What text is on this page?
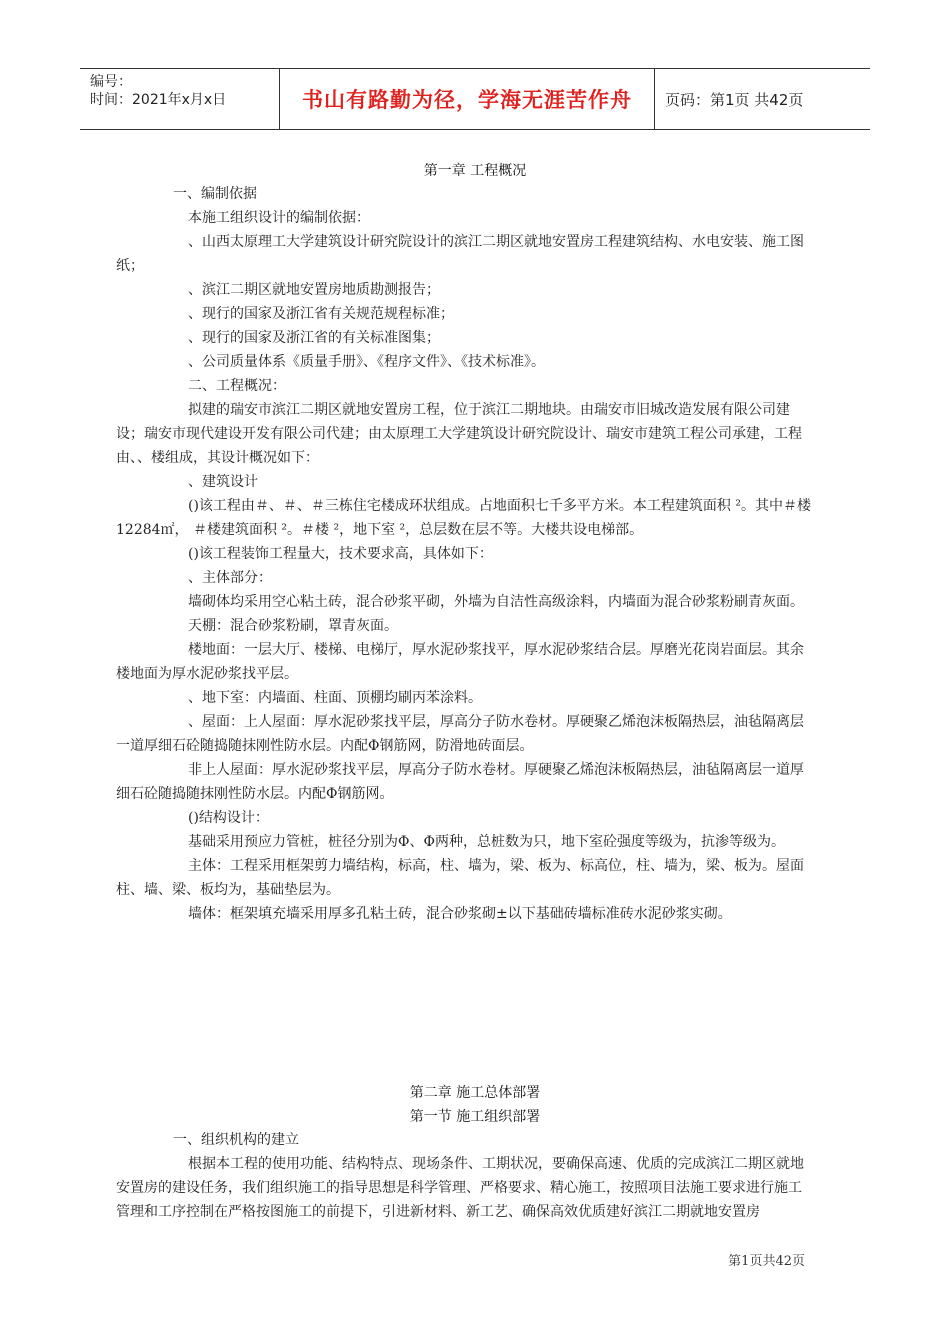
编号：
时间：2021年x月x日	书山有路勤为径，学海无涯苦作舟	页码：第1页 共42页
第一章 工程概况

一、编制依据

本施工组织设计的编制依据：

、山西太原理工大学建筑设计研究院设计的滨江二期区就地安置房工程建筑结构、水电安装、施工图纸；

、滨江二期区就地安置房地质勘测报告；

、现行的国家及浙江省有关规范规程标准；

、现行的国家及浙江省的有关标准图集；

、公司质量体系《质量手册》、《程序文件》、《技术标准》。

二、工程概况：

拟建的瑞安市滨江二期区就地安置房工程，位于滨江二期地块。由瑞安市旧城改造发展有限公司建设；瑞安市现代建设开发有限公司代建；由太原理工大学建筑设计研究院设计、瑞安市建筑工程公司承建，工程由、、楼组成，其设计概况如下：

、建筑设计

()该工程由＃、＃、＃三栋住宅楼成环状组成。占地面积七千多平方米。本工程建筑面积 ²。其中＃楼12284㎡， ＃楼建筑面积 ²。＃楼 ²，地下室 ²，总层数在层不等。大楼共设电梯部。

()该工程装饰工程量大，技术要求高，具体如下：

、主体部分：

墙砌体均采用空心粘土砖，混合砂浆平砌，外墙为自洁性高级涂料，内墙面为混合砂浆粉刷青灰面。

天棚：混合砂浆粉刷，罩青灰面。

楼地面：一层大厅、楼梯、电梯厅，厚水泥砂浆找平，厚水泥砂浆结合层。厚磨光花岗岩面层。其余楼地面为厚水泥砂浆找平层。

、地下室：内墙面、柱面、顶棚均刷丙苯涂料。

、屋面：上人屋面：厚水泥砂浆找平层，厚高分子防水卷材。厚硬聚乙烯泡沫板隔热层，油毡隔离层一道厚细石砼随捣随抹刚性防水层。内配Φ钢筋网，防滑地砖面层。

非上人屋面：厚水泥砂浆找平层，厚高分子防水卷材。厚硬聚乙烯泡沫板隔热层，油毡隔离层一道厚细石砼随捣随抹刚性防水层。内配Φ钢筋网。

()结构设计：

基础采用预应力管桩，桩径分别为Φ、Φ两种，总桩数为只，地下室砼强度等级为，抗渗等级为。

主体：工程采用框架剪力墙结构，标高，柱、墙为，梁、板为、标高位，柱、墙为，梁、板为。屋面柱、墙、梁、板均为，基础垫层为。

墙体：框架填充墙采用厚多孔粘土砖，混合砂浆砌±以下基础砖墙标准砖水泥砂浆实砌。

第二章 施工总体部署
第一节 施工组织部署

一、组织机构的建立

根据本工程的使用功能、结构特点、现场条件、工期状况，要确保高速、优质的完成滨江二期区就地安置房的建设任务，我们组织施工的指导思想是科学管理、严格要求、精心施工，按照项目法施工要求进行施工管理和工序控制在严格按图施工的前提下，引进新材料、新工艺、确保高效优质建好滨江二期就地安置房

第1页共42页
